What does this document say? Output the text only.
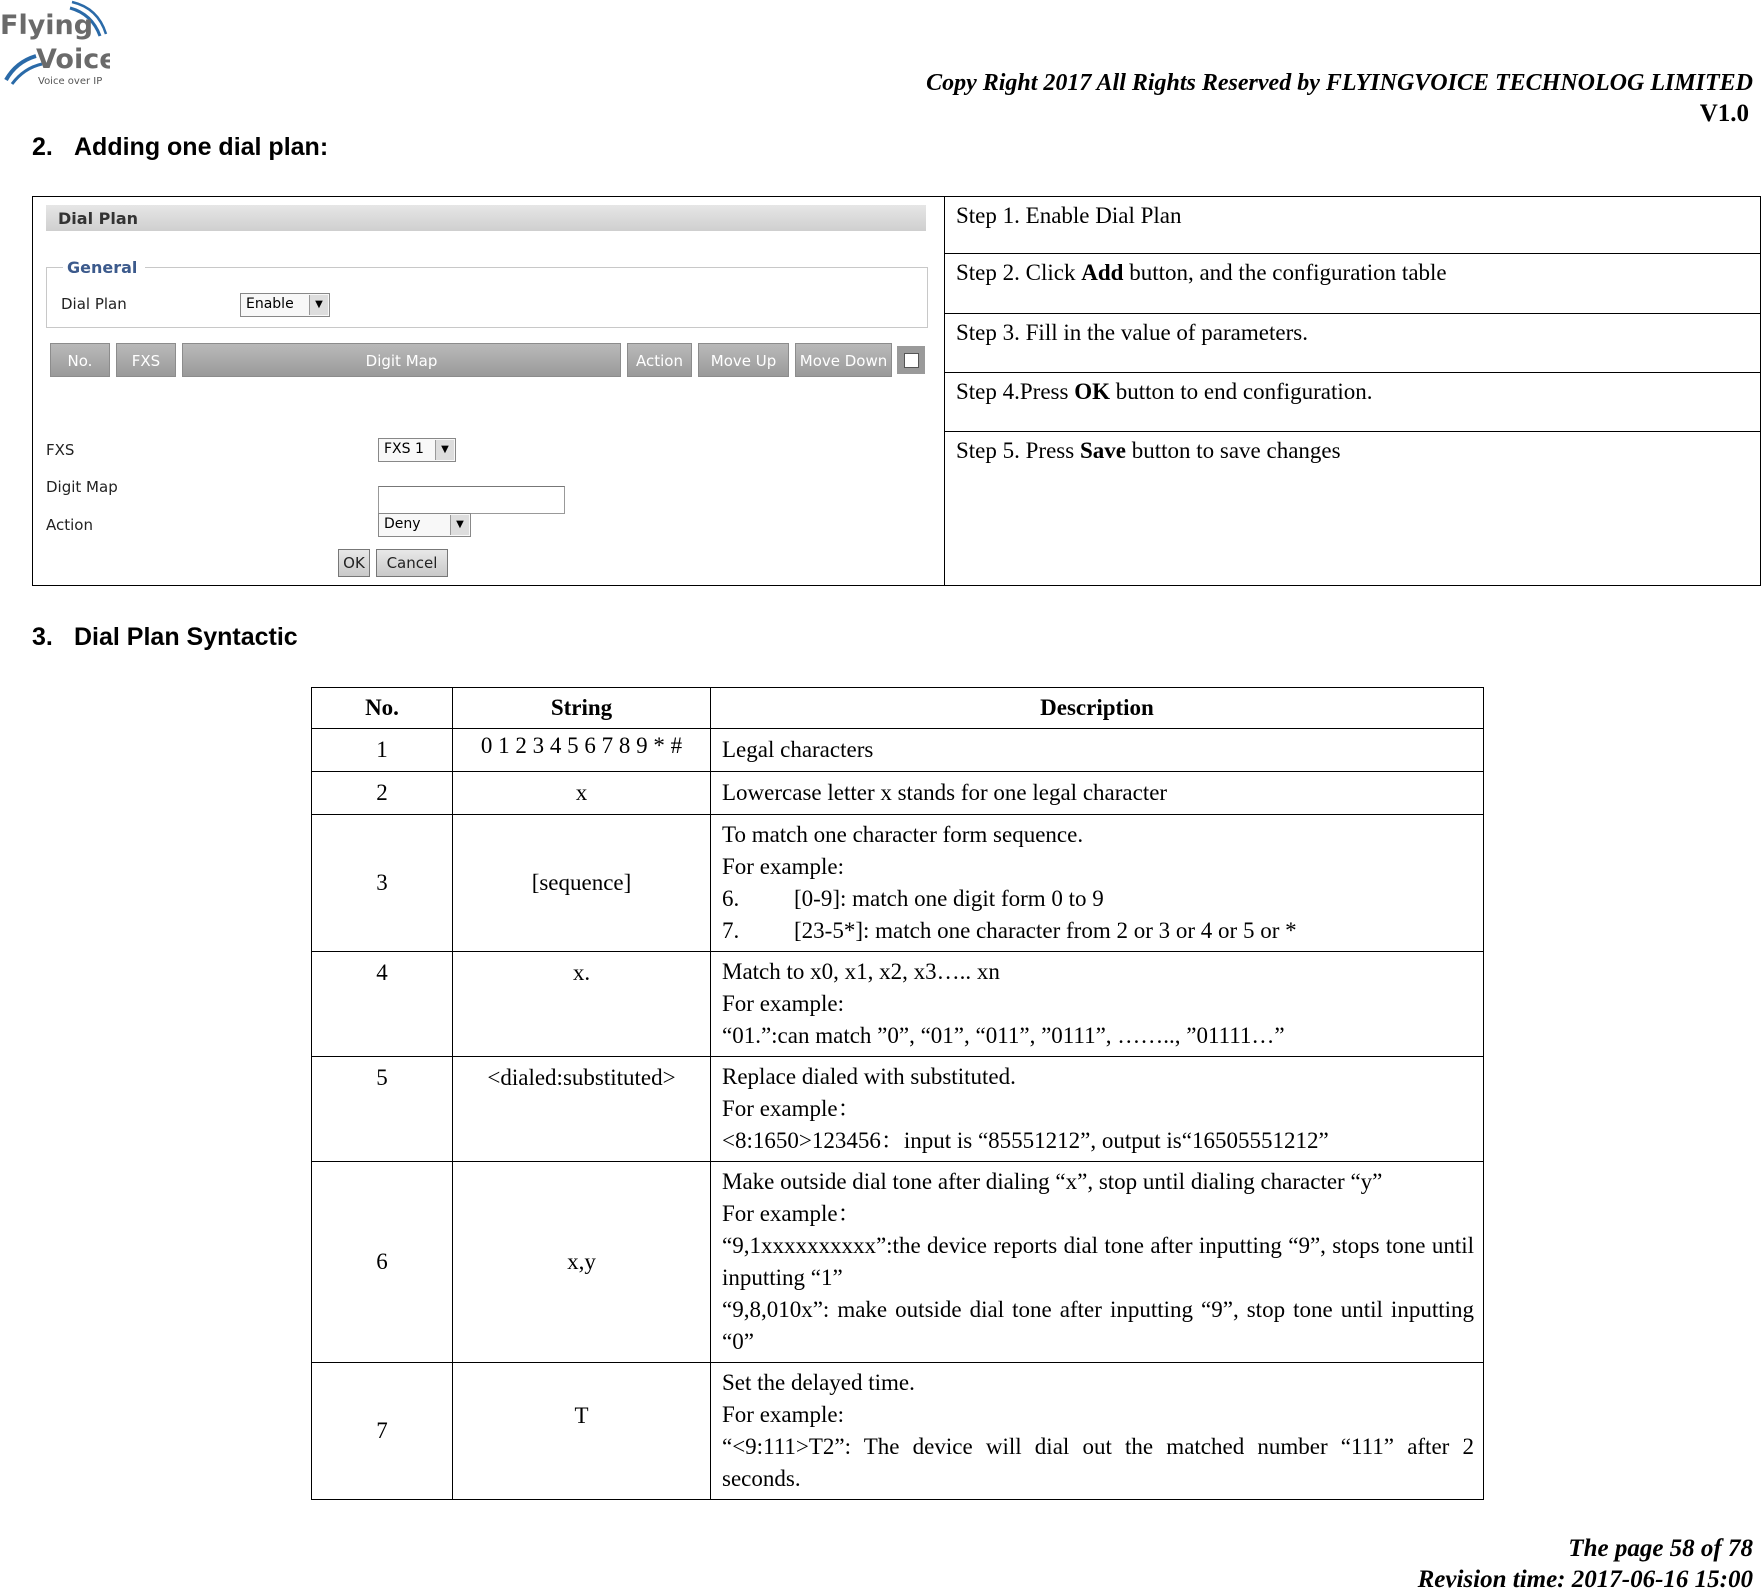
Flying
Voice
Voice over IP	Copy Right 2017 All Rights Reserved by FLYINGVOICE TECHNOLOG LIMITED
V1.0
2. Adding one dial plan:
Dial Plan
General
Dial Plan	Enable	▼
No.	FXS	Digit Map	Action	Move Up	Move Down
FXS	FXS 1	▼
Digit Map
Action	Deny	▼
OK	Cancel
Step 1. Enable Dial Plan
Step 2. Click Add button, and the configuration table
Step 3. Fill in the value of parameters.
Step 4.Press OK button to end configuration.
Step 5. Press Save button to save changes
3. Dial Plan Syntactic
No.	String	Description
1	0 1 2 3 4 5 6 7 8 9 * #	Legal characters

2	x	Lowercase letter x stands for one legal character

3	[sequence]	To match one character form sequence.
For example:
6. [0-9]: match one digit form 0 to 9
7. [23-5*]: match one character from 2 or 3 or 4 or 5 or *

4	x.	Match to x0, x1, x2, x3….. xn
For example:
“01.”:can match ”0”, “01”, “011”, ”0111”, …….., ”01111…”

5	<dialed:substituted>	Replace dialed with substituted.
For example：
<8:1650>123456：input is “85551212”, output is“16505551212”

6	x,y	Make outside dial tone after dialing “x”, stop until dialing character “y”
For example：
“9,1xxxxxxxxxx”:the device reports dial tone after inputting “9”, stops tone until inputting “1”
“9,8,010x”: make outside dial tone after inputting “9”, stop tone until inputting “0”

7	T	Set the delayed time.
For example:
“<9:111>T2”: The device will dial out the matched number “111” after 2 seconds.
The page 58 of 78
Revision time: 2017-06-16 15:00
